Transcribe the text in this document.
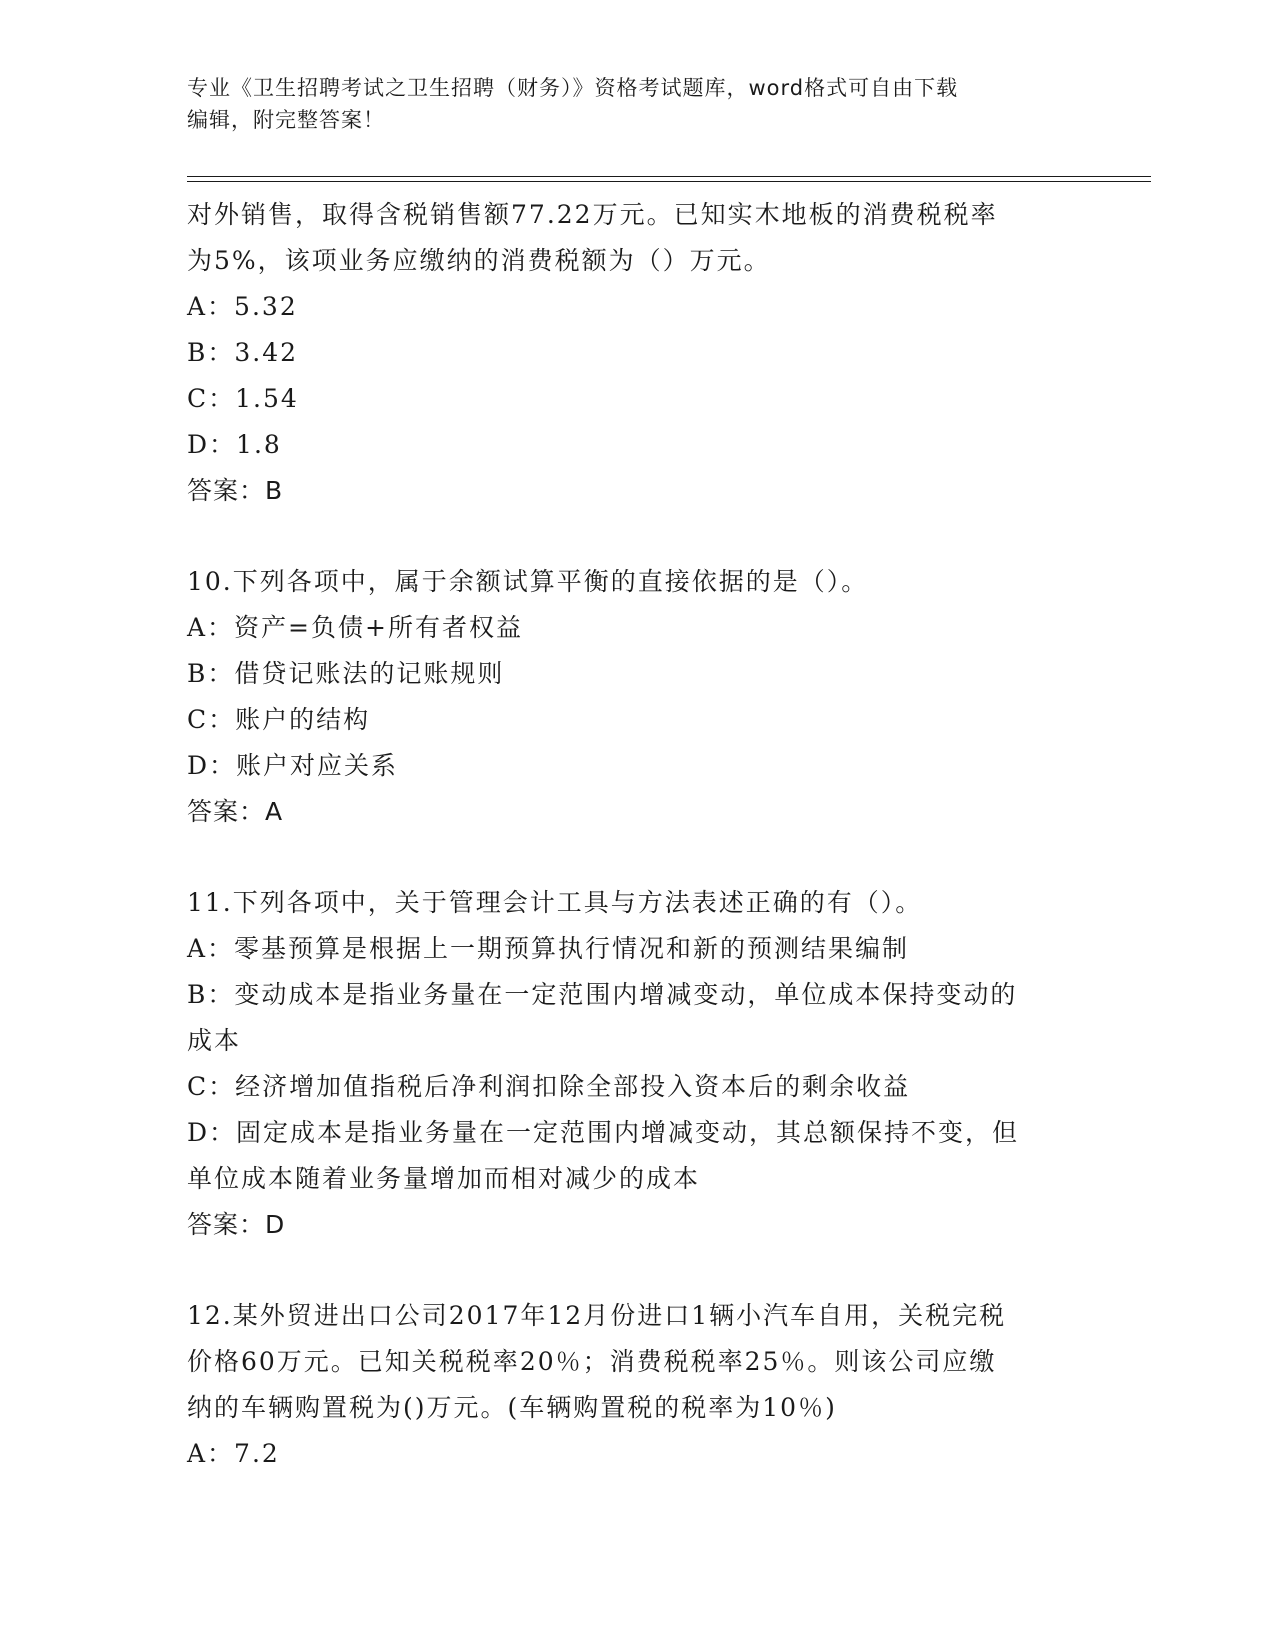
专业《卫生招聘考试之卫生招聘（财务）》资格考试题库，word格式可自由下载
编辑，附完整答案！
对外销售，取得含税销售额77.22万元。已知实木地板的消费税税率
为5%，该项业务应缴纳的消费税额为（）万元。
A：5.32
B：3.42
C：1.54
D：1.8
答案：B
10.下列各项中，属于余额试算平衡的直接依据的是（）。
A：资产=负债+所有者权益
B：借贷记账法的记账规则
C：账户的结构
D：账户对应关系
答案：A
11.下列各项中，关于管理会计工具与方法表述正确的有（）。
A：零基预算是根据上一期预算执行情况和新的预测结果编制
B：变动成本是指业务量在一定范围内增减变动，单位成本保持变动的
成本
C：经济增加值指税后净利润扣除全部投入资本后的剩余收益
D：固定成本是指业务量在一定范围内增减变动，其总额保持不变，但
单位成本随着业务量增加而相对减少的成本
答案：D
12.某外贸进出口公司2017年12月份进口1辆小汽车自用，关税完税
价格60万元。已知关税税率20％；消费税税率25％。则该公司应缴
纳的车辆购置税为()万元。(车辆购置税的税率为10％)
A：7.2
